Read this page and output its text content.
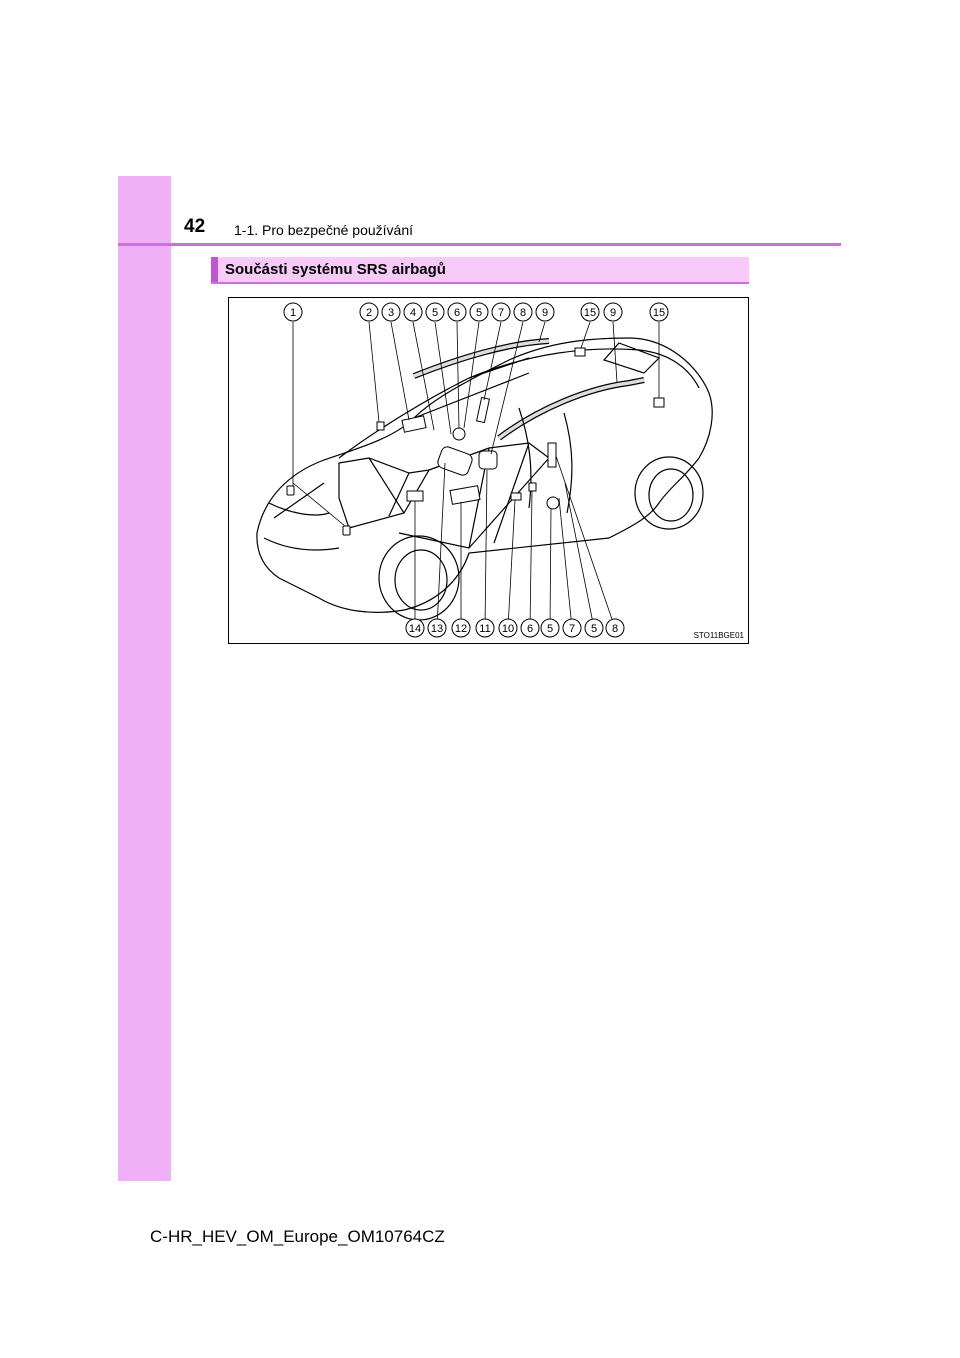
42 1-1. Pro bezpečné používání
Součásti systému SRS airbagů
1	2 3 4 5 6 5 7 8 9	15 9	15
14 13 12 11 10 6 5 7 5 8
STO11BGE01
C-HR_HEV_OM_Europe_OM10764CZ
